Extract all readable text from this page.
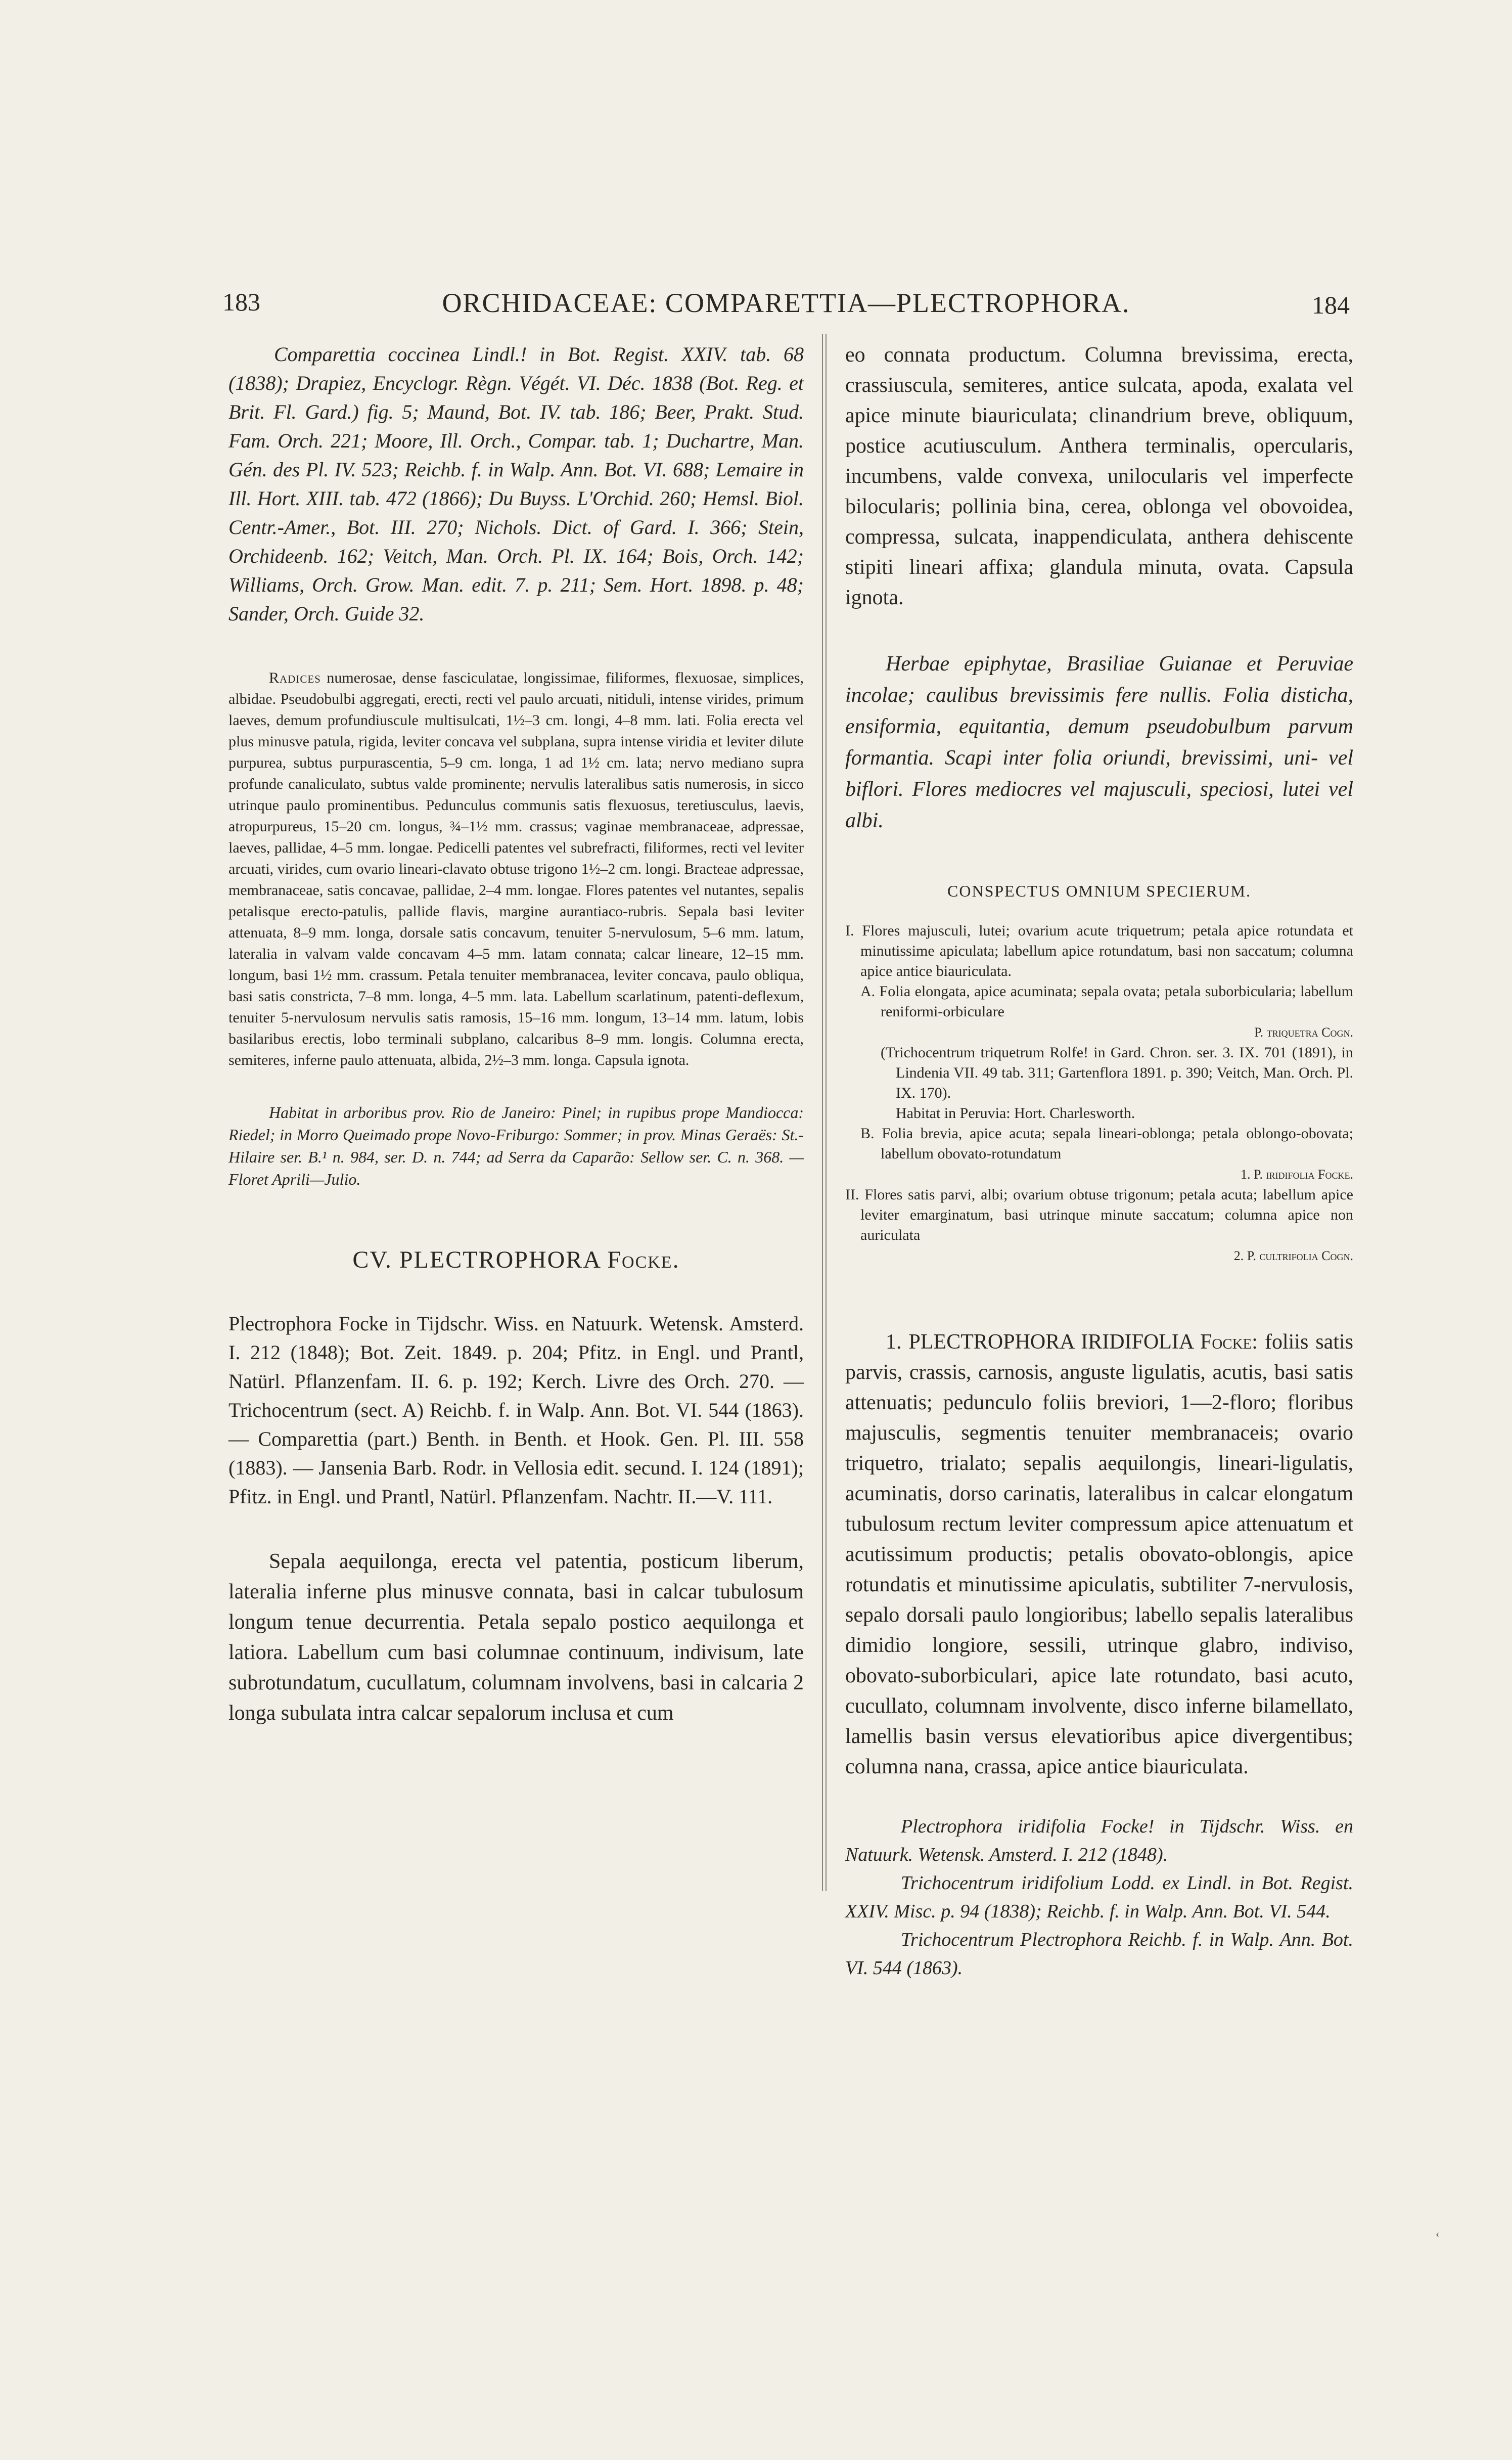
183	ORCHIDACEAE: COMPARETTIA—PLECTROPHORA.	184

Comparettia coccinea Lindl.! in Bot. Regist. XXIV. tab. 68 (1838); Drapiez, Encyclogr. Règn. Végét. VI. Déc. 1838 (Bot. Reg. et Brit. Fl. Gard.) fig. 5; Maund, Bot. IV. tab. 186; Beer, Prakt. Stud. Fam. Orch. 221; Moore, Ill. Orch., Compar. tab. 1; Duchartre, Man. Gén. des Pl. IV. 523; Reichb. f. in Walp. Ann. Bot. VI. 688; Lemaire in Ill. Hort. XIII. tab. 472 (1866); Du Buyss. L'Orchid. 260; Hemsl. Biol. Centr.-Amer., Bot. III. 270; Nichols. Dict. of Gard. I. 366; Stein, Orchideenb. 162; Veitch, Man. Orch. Pl. IX. 164; Bois, Orch. 142; Williams, Orch. Grow. Man. edit. 7. p. 211; Sem. Hort. 1898. p. 48; Sander, Orch. Guide 32.

Radices numerosae, dense fasciculatae, longissimae, filiformes, flexuosae, simplices, albidae. Pseudobulbi aggregati, erecti, recti vel paulo arcuati, nitiduli, intense virides, primum laeves, demum profundiuscule multisulcati, 1½–3 cm. longi, 4–8 mm. lati. Folia erecta vel plus minusve patula, rigida, leviter concava vel subplana, supra intense viridia et leviter dilute purpurea, subtus purpurascentia, 5–9 cm. longa, 1 ad 1½ cm. lata; nervo mediano supra profunde canaliculato, subtus valde prominente; nervulis lateralibus satis numerosis, in sicco utrinque paulo prominentibus. Pedunculus communis satis flexuosus, teretiusculus, laevis, atropurpureus, 15–20 cm. longus, ¾–1½ mm. crassus; vaginae membranaceae, adpressae, laeves, pallidae, 4–5 mm. longae. Pedicelli patentes vel subrefracti, filiformes, recti vel leviter arcuati, virides, cum ovario lineari-clavato obtuse trigono 1½–2 cm. longi. Bracteae adpressae, membranaceae, satis concavae, pallidae, 2–4 mm. longae. Flores patentes vel nutantes, sepalis petalisque erecto-patulis, pallide flavis, margine aurantiaco-rubris. Sepala basi leviter attenuata, 8–9 mm. longa, dorsale satis concavum, tenuiter 5-nervulosum, 5–6 mm. latum, lateralia in valvam valde concavam 4–5 mm. latam connata; calcar lineare, 12–15 mm. longum, basi 1½ mm. crassum. Petala tenuiter membranacea, leviter concava, paulo obliqua, basi satis constricta, 7–8 mm. longa, 4–5 mm. lata. Labellum scarlatinum, patenti-deflexum, tenuiter 5-nervulosum nervulis satis ramosis, 15–16 mm. longum, 13–14 mm. latum, lobis basilaribus erectis, lobo terminali subplano, calcaribus 8–9 mm. longis. Columna erecta, semiteres, inferne paulo attenuata, albida, 2½–3 mm. longa. Capsula ignota.

Habitat in arboribus prov. Rio de Janeiro: Pinel; in rupibus prope Mandiocca: Riedel; in Morro Queimado prope Novo-Friburgo: Sommer; in prov. Minas Geraës: St.-Hilaire ser. B.¹ n. 984, ser. D. n. 744; ad Serra da Caparão: Sellow ser. C. n. 368. — Floret Aprili—Julio.

CV. PLECTROPHORA Focke.

Plectrophora Focke in Tijdschr. Wiss. en Natuurk. Wetensk. Amsterd. I. 212 (1848); Bot. Zeit. 1849. p. 204; Pfitz. in Engl. und Prantl, Natürl. Pflanzenfam. II. 6. p. 192; Kerch. Livre des Orch. 270. — Trichocentrum (sect. A) Reichb. f. in Walp. Ann. Bot. VI. 544 (1863). — Comparettia (part.) Benth. in Benth. et Hook. Gen. Pl. III. 558 (1883). — Jansenia Barb. Rodr. in Vellosia edit. secund. I. 124 (1891); Pfitz. in Engl. und Prantl, Natürl. Pflanzenfam. Nachtr. II.—V. 111.

Sepala aequilonga, erecta vel patentia, posticum liberum, lateralia inferne plus minusve connata, basi in calcar tubulosum longum tenue decurrentia. Petala sepalo postico aequilonga et latiora. Labellum cum basi columnae continuum, indivisum, late subrotundatum, cucullatum, columnam involvens, basi in calcaria 2 longa subulata intra calcar sepalorum inclusa et cum

eo connata productum. Columna brevissima, erecta, crassiuscula, semiteres, antice sulcata, apoda, exalata vel apice minute biauriculata; clinandrium breve, obliquum, postice acutiusculum. Anthera terminalis, opercularis, incumbens, valde convexa, unilocularis vel imperfecte bilocularis; pollinia bina, cerea, oblonga vel obovoidea, compressa, sulcata, inappendiculata, anthera dehiscente stipiti lineari affixa; glandula minuta, ovata. Capsula ignota.

Herbae epiphytae, Brasiliae Guianae et Peruviae incolae; caulibus brevissimis fere nullis. Folia disticha, ensiformia, equitantia, demum pseudobulbum parvum formantia. Scapi inter folia oriundi, brevissimi, uni- vel biflori. Flores mediocres vel majusculi, speciosi, lutei vel albi.

CONSPECTUS OMNIUM SPECIERUM.

I. Flores majusculi, lutei; ovarium acute triquetrum; petala apice rotundata et minutissime apiculata; labellum apice rotundatum, basi non saccatum; columna apice antice biauriculata.

A. Folia elongata, apice acuminata; sepala ovata; petala suborbicularia; labellum reniformi-orbiculare

P. triquetra Cogn.

(Trichocentrum triquetrum Rolfe! in Gard. Chron. ser. 3. IX. 701 (1891), in Lindenia VII. 49 tab. 311; Gartenflora 1891. p. 390; Veitch, Man. Orch. Pl. IX. 170).

Habitat in Peruvia: Hort. Charlesworth.

B. Folia brevia, apice acuta; sepala lineari-oblonga; petala oblongo-obovata; labellum obovato-rotundatum

1. P. iridifolia Focke.

II. Flores satis parvi, albi; ovarium obtuse trigonum; petala acuta; labellum apice leviter emarginatum, basi utrinque minute saccatum; columna apice non auriculata

2. P. cultrifolia Cogn.

1. PLECTROPHORA IRIDIFOLIA Focke: foliis satis parvis, crassis, carnosis, anguste ligulatis, acutis, basi satis attenuatis; pedunculo foliis breviori, 1—2-floro; floribus majusculis, segmentis tenuiter membranaceis; ovario triquetro, trialato; sepalis aequilongis, lineari-ligulatis, acuminatis, dorso carinatis, lateralibus in calcar elongatum tubulosum rectum leviter compressum apice attenuatum et acutissimum productis; petalis obovato-oblongis, apice rotundatis et minutissime apiculatis, subtiliter 7-nervulosis, sepalo dorsali paulo longioribus; labello sepalis lateralibus dimidio longiore, sessili, utrinque glabro, indiviso, obovato-suborbiculari, apice late rotundato, basi acuto, cucullato, columnam involvente, disco inferne bilamellato, lamellis basin versus elevatioribus apice divergentibus; columna nana, crassa, apice antice biauriculata.

Plectrophora iridifolia Focke! in Tijdschr. Wiss. en Natuurk. Wetensk. Amsterd. I. 212 (1848).

Trichocentrum iridifolium Lodd. ex Lindl. in Bot. Regist. XXIV. Misc. p. 94 (1838); Reichb. f. in Walp. Ann. Bot. VI. 544.

Trichocentrum Plectrophora Reichb. f. in Walp. Ann. Bot. VI. 544 (1863).

‹
